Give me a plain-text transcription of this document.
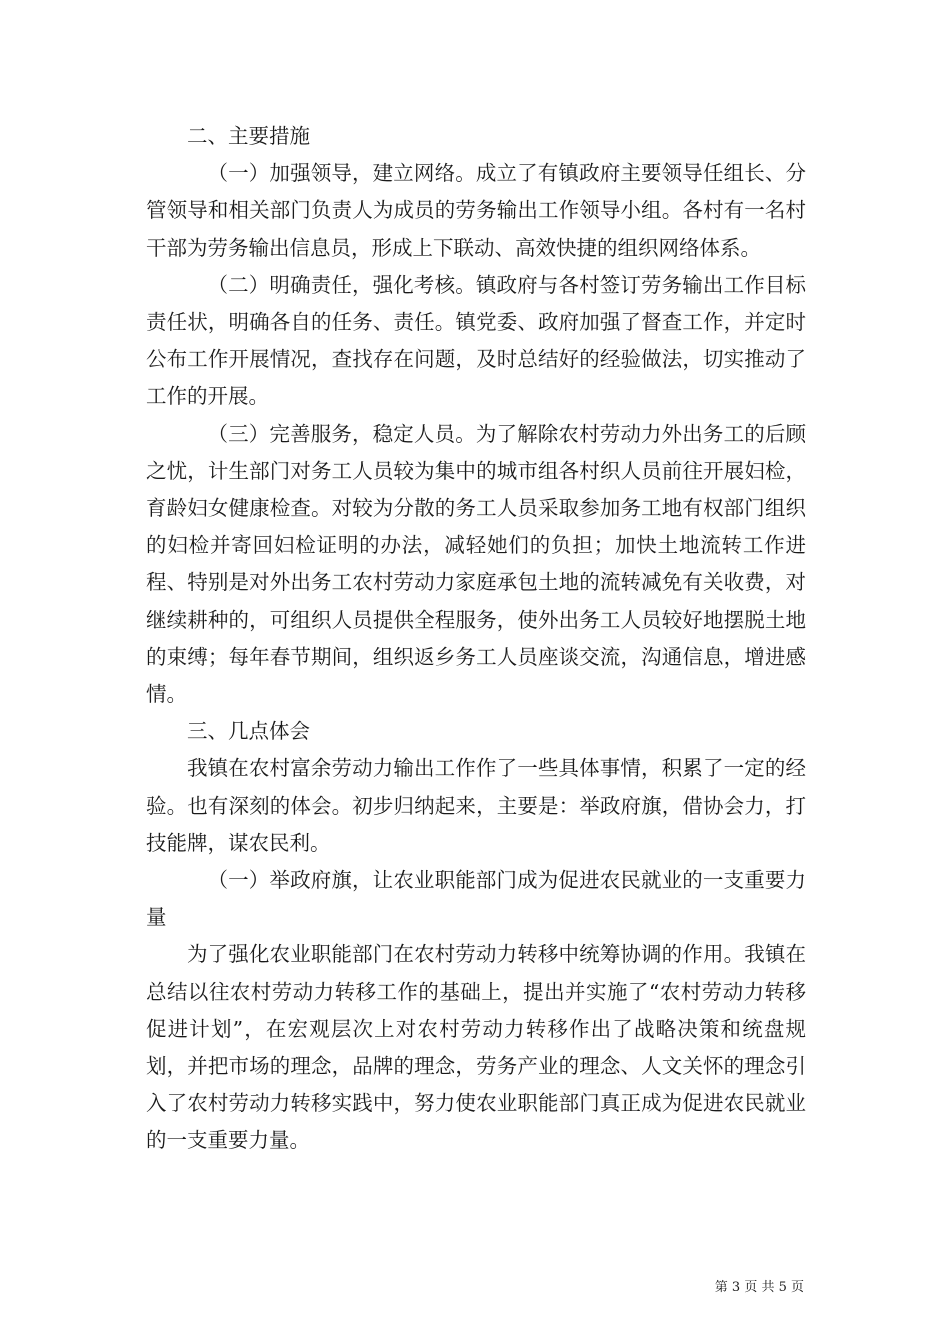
二、主要措施

（一）加强领导，建立网络。成立了有镇政府主要领导任组长、分管领导和相关部门负责人为成员的劳务输出工作领导小组。各村有一名村干部为劳务输出信息员，形成上下联动、高效快捷的组织网络体系。

（二）明确责任，强化考核。镇政府与各村签订劳务输出工作目标责任状，明确各自的任务、责任。镇党委、政府加强了督查工作，并定时公布工作开展情况，查找存在问题，及时总结好的经验做法，切实推动了工作的开展。

（三）完善服务，稳定人员。为了解除农村劳动力外出务工的后顾之忧，计生部门对务工人员较为集中的城市组各村织人员前往开展妇检，育龄妇女健康检查。对较为分散的务工人员采取参加务工地有权部门组织的妇检并寄回妇检证明的办法，减轻她们的负担；加快土地流转工作进程、特别是对外出务工农村劳动力家庭承包土地的流转减免有关收费，对继续耕种的，可组织人员提供全程服务，使外出务工人员较好地摆脱土地的束缚；每年春节期间，组织返乡务工人员座谈交流，沟通信息，增进感情。

三、几点体会

我镇在农村富余劳动力输出工作作了一些具体事情，积累了一定的经验。也有深刻的体会。初步归纳起来，主要是：举政府旗，借协会力，打技能牌，谋农民利。

（一）举政府旗，让农业职能部门成为促进农民就业的一支重要力量

为了强化农业职能部门在农村劳动力转移中统筹协调的作用。我镇在总结以往农村劳动力转移工作的基础上，提出并实施了“农村劳动力转移促进计划”，在宏观层次上对农村劳动力转移作出了战略决策和统盘规划，并把市场的理念，品牌的理念，劳务产业的理念、人文关怀的理念引入了农村劳动力转移实践中，努力使农业职能部门真正成为促进农民就业的一支重要力量。

第 3 页 共 5 页
